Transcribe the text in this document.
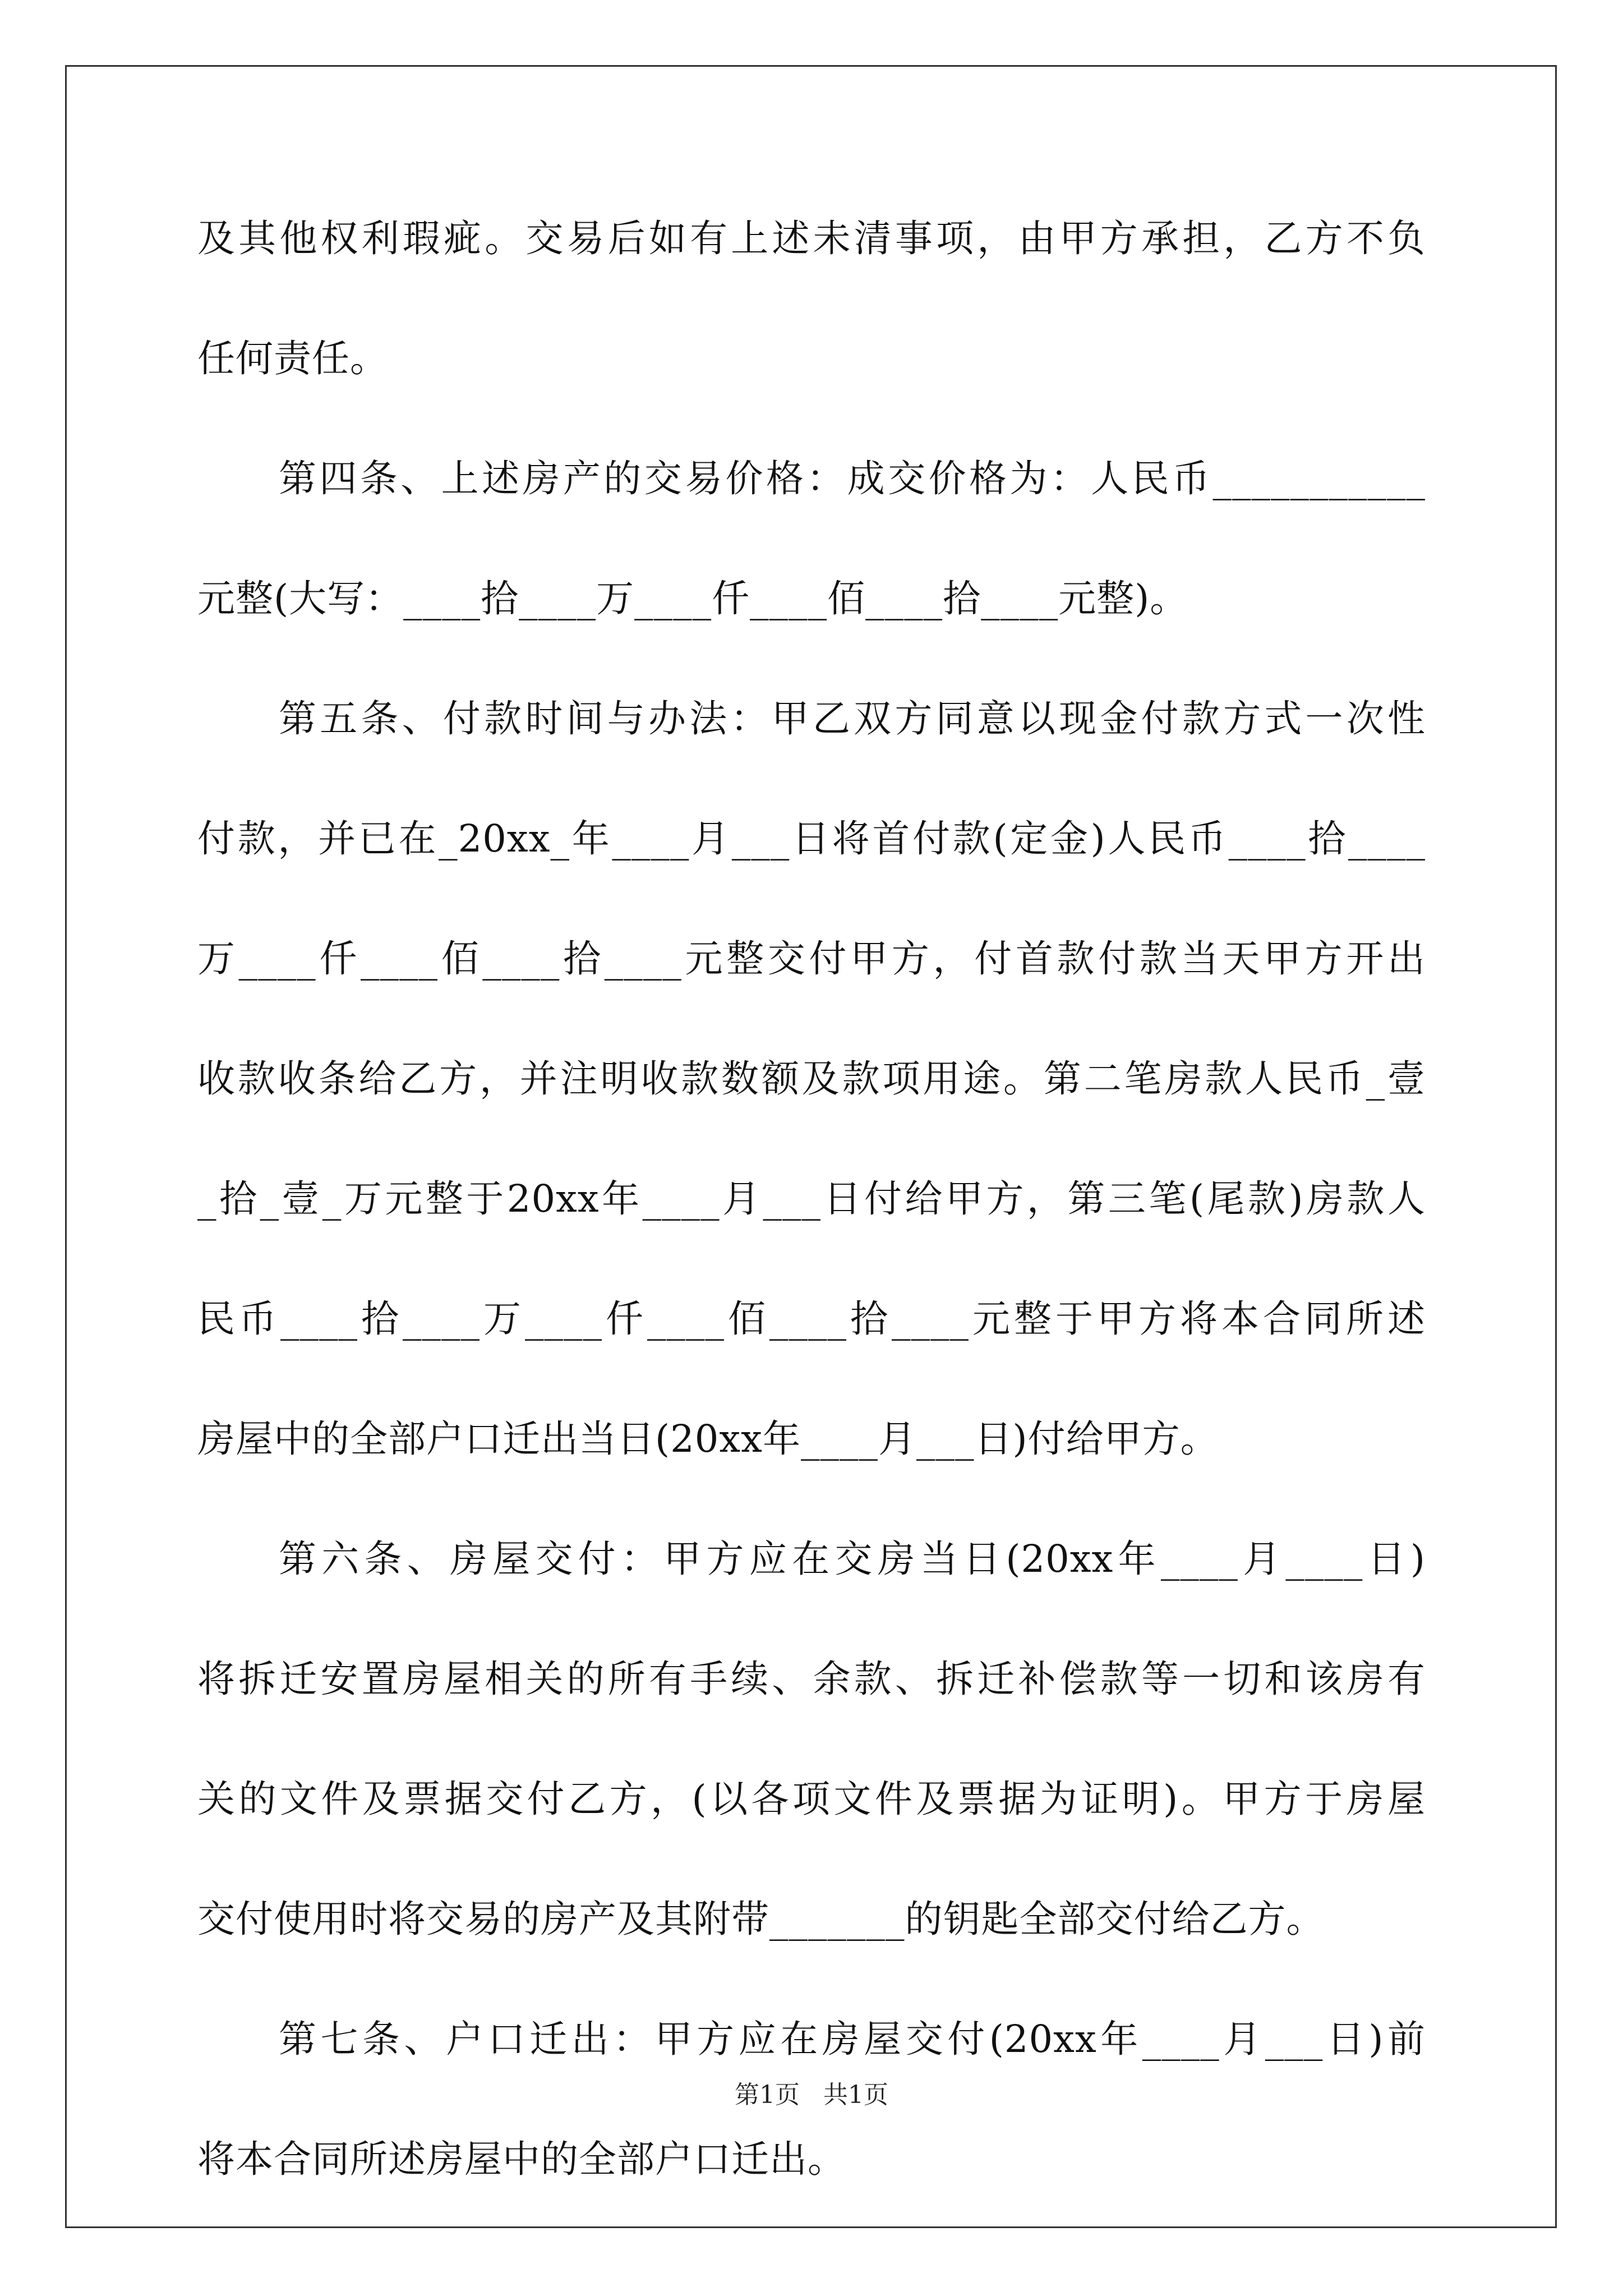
及其他权利瑕疵。交易后如有上述未清事项，由甲方承担，乙方不负
任何责任。
第四条、上述房产的交易价格：成交价格为：人民币___________
元整(大写：____拾____万____仟____佰____拾____元整)。
第五条、付款时间与办法：甲乙双方同意以现金付款方式一次性
付款，并已在_20xx_年____月___日将首付款(定金)人民币____拾____
万____仟____佰____拾____元整交付甲方，付首款付款当天甲方开出
收款收条给乙方，并注明收款数额及款项用途。第二笔房款人民币_壹
_拾_壹_万元整于20xx年____月___日付给甲方，第三笔(尾款)房款人
民币____拾____万____仟____佰____拾____元整于甲方将本合同所述
房屋中的全部户口迁出当日(20xx年____月___日)付给甲方。
第六条、房屋交付：甲方应在交房当日(20xx年____月____日)
将拆迁安置房屋相关的所有手续、余款、拆迁补偿款等一切和该房有
关的文件及票据交付乙方，(以各项文件及票据为证明)。甲方于房屋
交付使用时将交易的房产及其附带_______的钥匙全部交付给乙方。
第七条、户口迁出：甲方应在房屋交付(20xx年____月___日)前
将本合同所述房屋中的全部户口迁出。
第1页   共1页
